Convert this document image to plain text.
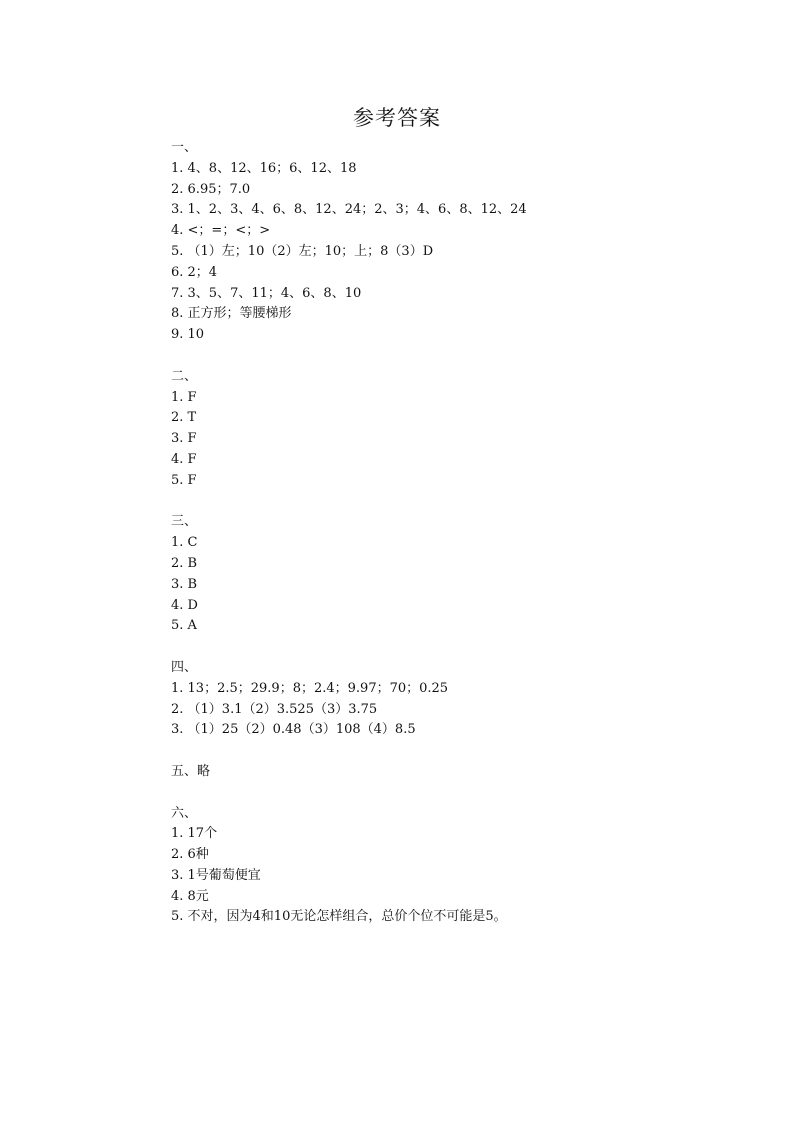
参考答案
一、
1. 4、8、12、16；6、12、18
2. 6.95；7.0
3. 1、2、3、4、6、8、12、24；2、3；4、6、8、12、24
4. <；=；<；>
5. （1）左；10（2）左；10；上；8（3）D
6. 2；4
7. 3、5、7、11；4、6、8、10
8. 正方形；等腰梯形
9. 10
二、
1. F
2. T
3. F
4. F
5. F
三、
1. C
2. B
3. B
4. D
5. A
四、
1. 13；2.5；29.9；8；2.4；9.97；70；0.25
2. （1）3.1（2）3.525（3）3.75
3. （1）25（2）0.48（3）108（4）8.5
五、略
六、
1. 17个
2. 6种
3. 1号葡萄便宜
4. 8元
5. 不对，因为4和10无论怎样组合，总价个位不可能是5。
